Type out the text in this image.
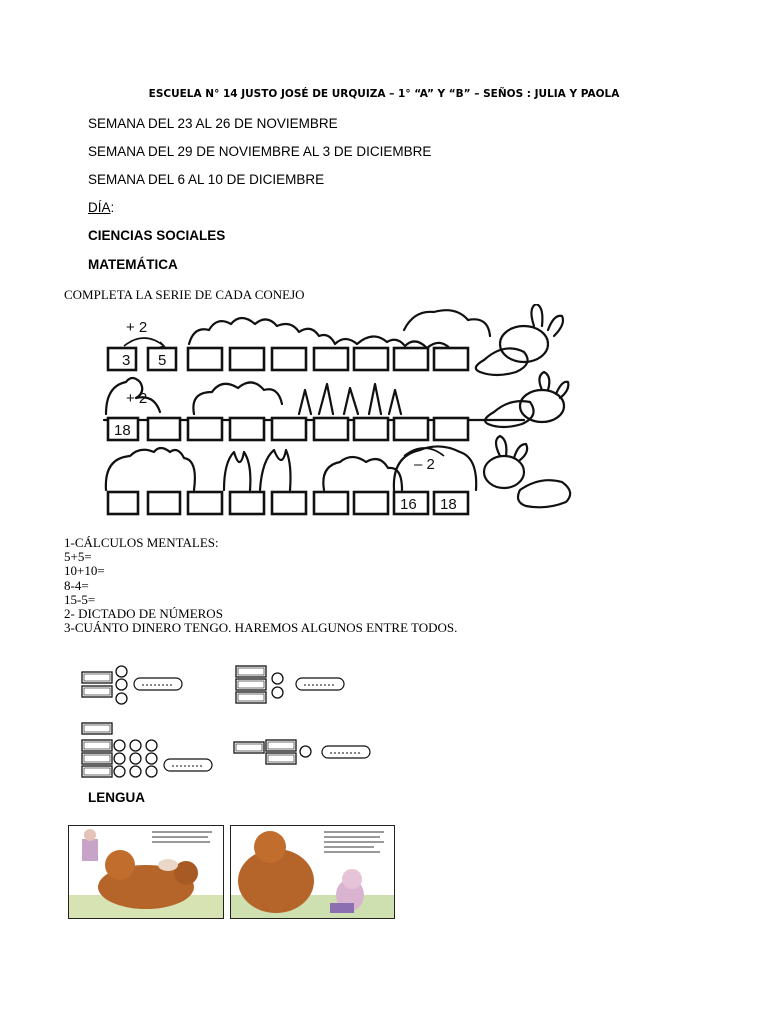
ESCUELA N° 14 JUSTO JOSÉ DE URQUIZA – 1° “A” Y “B” – SEÑOS : JULIA Y PAOLA
SEMANA DEL 23 AL 26 DE NOVIEMBRE
SEMANA DEL 29 DE NOVIEMBRE AL 3 DE DICIEMBRE
SEMANA DEL 6 AL 10 DE DICIEMBRE
DÍA:
CIENCIAS SOCIALES
MATEMÁTICA
COMPLETA LA SERIE DE CADA CONEJO
+ 2
3 5
+ 2
18
– 2
16 18
1-CÁLCULOS MENTALES:
5+5=
10+10=
8-4=
15-5=
2- DICTADO DE NÚMEROS
3-CUÁNTO DINERO TENGO. HAREMOS ALGUNOS ENTRE TODOS.
LENGUA
